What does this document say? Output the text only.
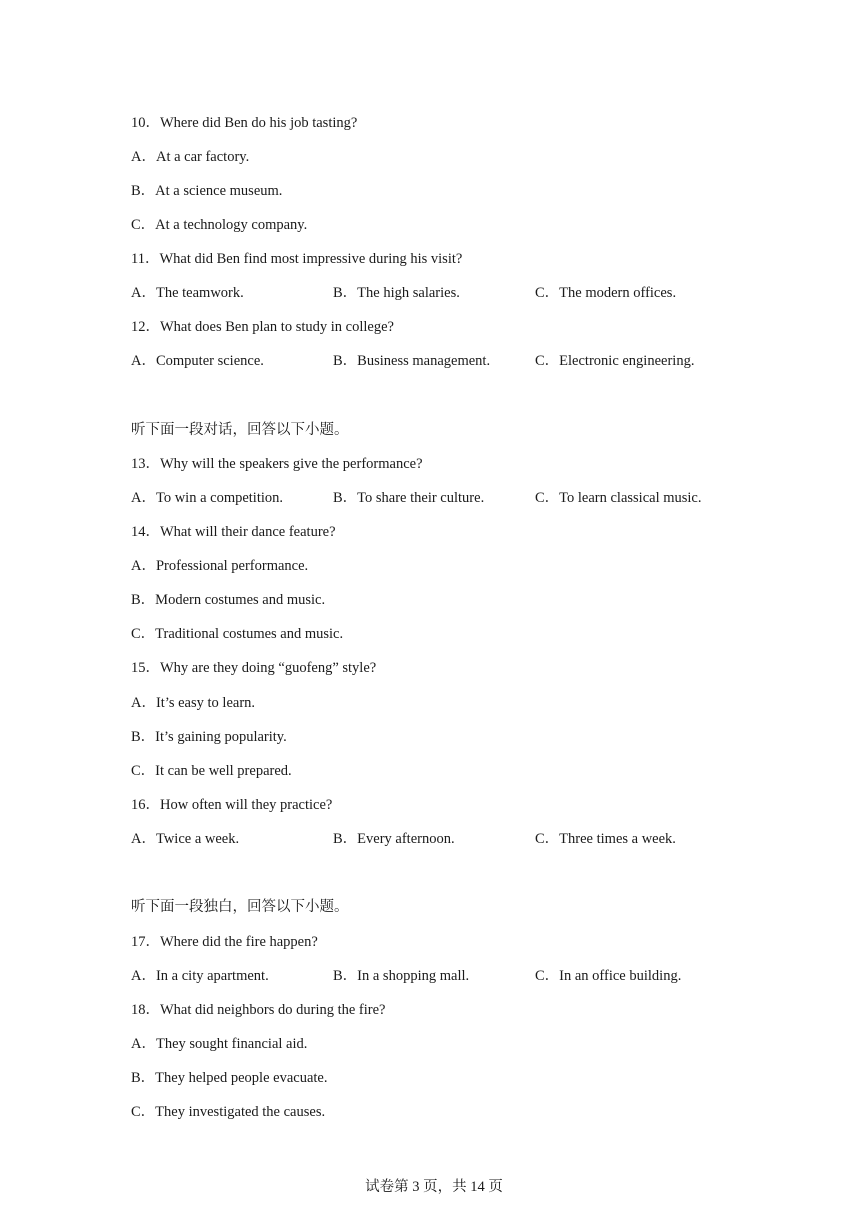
10．Where did Ben do his job tasting?
A．At a car factory.
B．At a science museum.
C．At a technology company.
11．What did Ben find most impressive during his visit?
A．The teamwork.	B．The high salaries.	C．The modern offices.
12．What does Ben plan to study in college?
A．Computer science.	B．Business management.	C．Electronic engineering.
听下面一段对话，回答以下小题。
13．Why will the speakers give the performance?
A．To win a competition.	B．To share their culture.	C．To learn classical music.
14．What will their dance feature?
A．Professional performance.
B．Modern costumes and music.
C．Traditional costumes and music.
15．Why are they doing “guofeng” style?
A．It’s easy to learn.
B．It’s gaining popularity.
C．It can be well prepared.
16．How often will they practice?
A．Twice a week.	B．Every afternoon.	C．Three times a week.
听下面一段独白，回答以下小题。
17．Where did the fire happen?
A．In a city apartment.	B．In a shopping mall.	C．In an office building.
18．What did neighbors do during the fire?
A．They sought financial aid.
B．They helped people evacuate.
C．They investigated the causes.
试卷第 3 页，共 14 页
